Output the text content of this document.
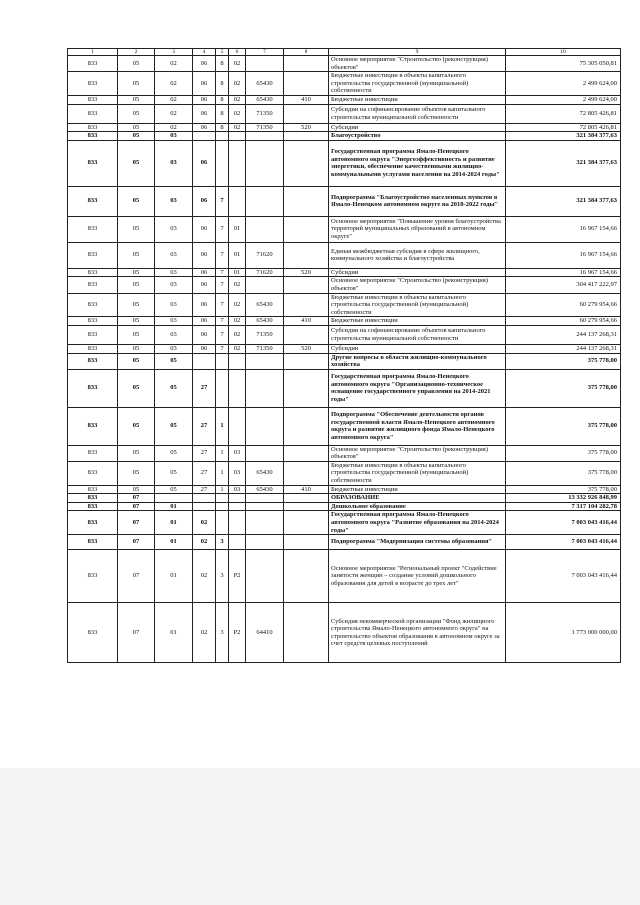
1	2	3	4	5	6	7	8	9	10
833	05	02	06	8	02			Основное мероприятие "Строительство (реконструкция) объектов"	75 305 050,81
833	05	02	06	8	02	65430		Бюджетные инвестиции в объекты капитального строительства государственной (муниципальной) собственности	2 499 624,00
833	05	02	06	8	02	65430	410	Бюджетные инвестиции	2 499 624,00
833	05	02	06	8	02	71350		Субсидии на софинансирование объектов капитального строительства муниципальной собственности	72 805 426,81
833	05	02	06	8	02	71350	520	Субсидии	72 805 426,81
833	05	03						Благоустройство	321 384 377,63
833	05	03	06					Государственная программа Ямало-Ненецкого автономного округа "Энергоэффективность и развитие энергетики, обеспечение качественными жилищно-коммунальными услугами населения на 2014-2024 годы"	321 384 377,63
833	05	03	06	7				Подпрограмма "Благоустройство населенных пунктов в Ямало-Ненецком автономном округе на 2018-2022 годы"	321 384 377,63
833	05	03	06	7	01			Основное мероприятие "Повышение уровня благоустройства территорий муниципальных образований в автономном округе"	16 967 154,66
833	05	03	06	7	01	71620		Единая межбюджетная субсидия в сфере жилищного, коммунального хозяйства и благоустройства	16 967 154,66
833	05	03	06	7	01	71620	520	Субсидии	16 967 154,66
833	05	03	06	7	02			Основное мероприятие "Строительство (реконструкция) объектов"	304 417 222,97
833	05	03	06	7	02	65430		Бюджетные инвестиции в объекты капитального строительства государственной (муниципальной) собственности	60 279 954,66
833	05	03	06	7	02	65430	410	Бюджетные инвестиции	60 279 954,66
833	05	03	06	7	02	71350		Субсидии на софинансирование объектов капитального строительства муниципальной собственности	244 137 268,31
833	05	03	06	7	02	71350	520	Субсидии	244 137 268,31
833	05	05						Другие вопросы в области жилищно-коммунального хозяйства	375 778,00
833	05	05	27					Государственная программа Ямало-Ненецкого автономного округа "Организационно-техническое оснащение государственного управления на 2014-2021 годы"	375 778,00
833	05	05	27	1				Подпрограмма "Обеспечение деятельности органов государственной власти Ямало-Ненецкого автономного округа и развитие жилищного фонда Ямало-Ненецкого автономного округа"	375 778,00
833	05	05	27	1	03			Основное мероприятие "Строительство (реконструкция) объектов"	375 778,00
833	05	05	27	1	03	65430		Бюджетные инвестиции в объекты капитального строительства государственной (муниципальной) собственности	375 778,00
833	05	05	27	1	03	65430	410	Бюджетные инвестиции	375 778,00
833	07							ОБРАЗОВАНИЕ	13 332 926 848,99
833	07	01						Дошкольное образование	7 317 104 282,78
833	07	01	02					Государственная программа Ямало-Ненецкого автономного округа "Развитие образования на 2014-2024 годы"	7 003 043 416,44
833	07	01	02	3				Подпрограмма "Модернизация системы образования"	7 003 043 416,44
833	07	01	02	3	P2			Основное мероприятие "Региональный проект "Содействие занятости женщин – создание условий дошкольного образования для детей в возрасте до трех лет"	7 003 043 416,44
833	07	01	02	3	P2	64410		Субсидия некоммерческой организации "Фонд жилищного строительства Ямало-Ненецкого автономного округа" на строительство объектов образования в автономном округе за счет средств целевых поступлений	1 773 000 000,00
